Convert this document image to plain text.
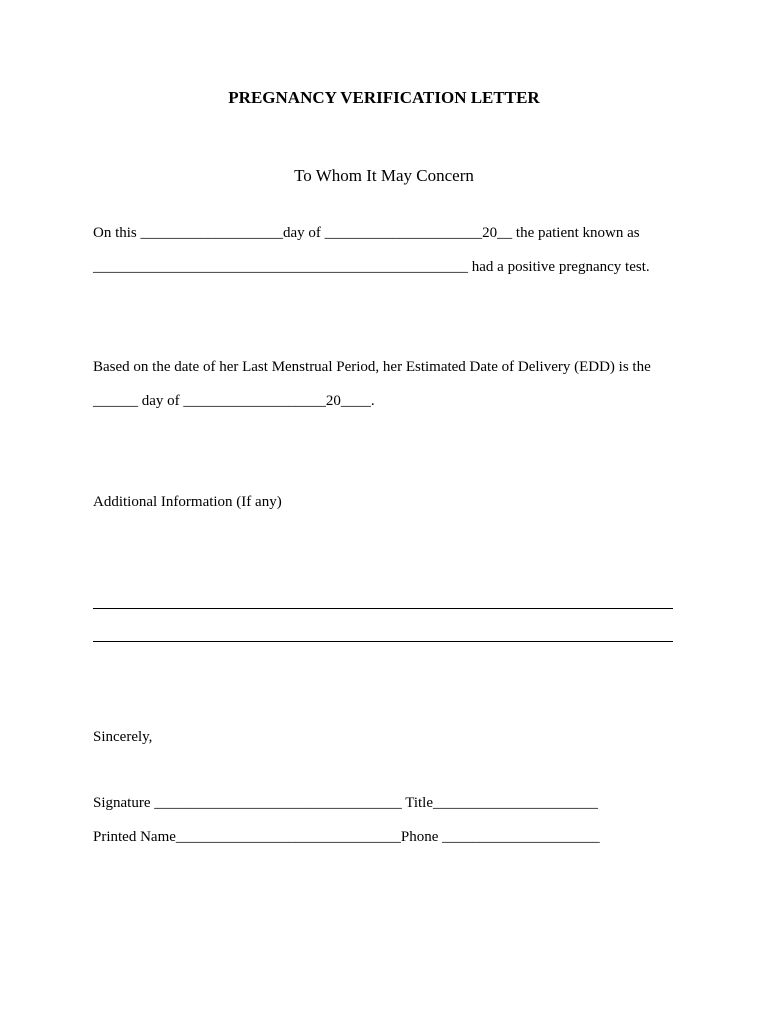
PREGNANCY VERIFICATION LETTER
To Whom It May Concern
On this ___________________day of _____________________20__ the patient known as
__________________________________________________ had a positive pregnancy test.
Based on the date of her Last Menstrual Period, her Estimated Date of Delivery (EDD) is the
______ day of ___________________20____.
Additional Information (If any)
Sincerely,
Signature _________________________________ Title______________________
Printed Name______________________________Phone _____________________
